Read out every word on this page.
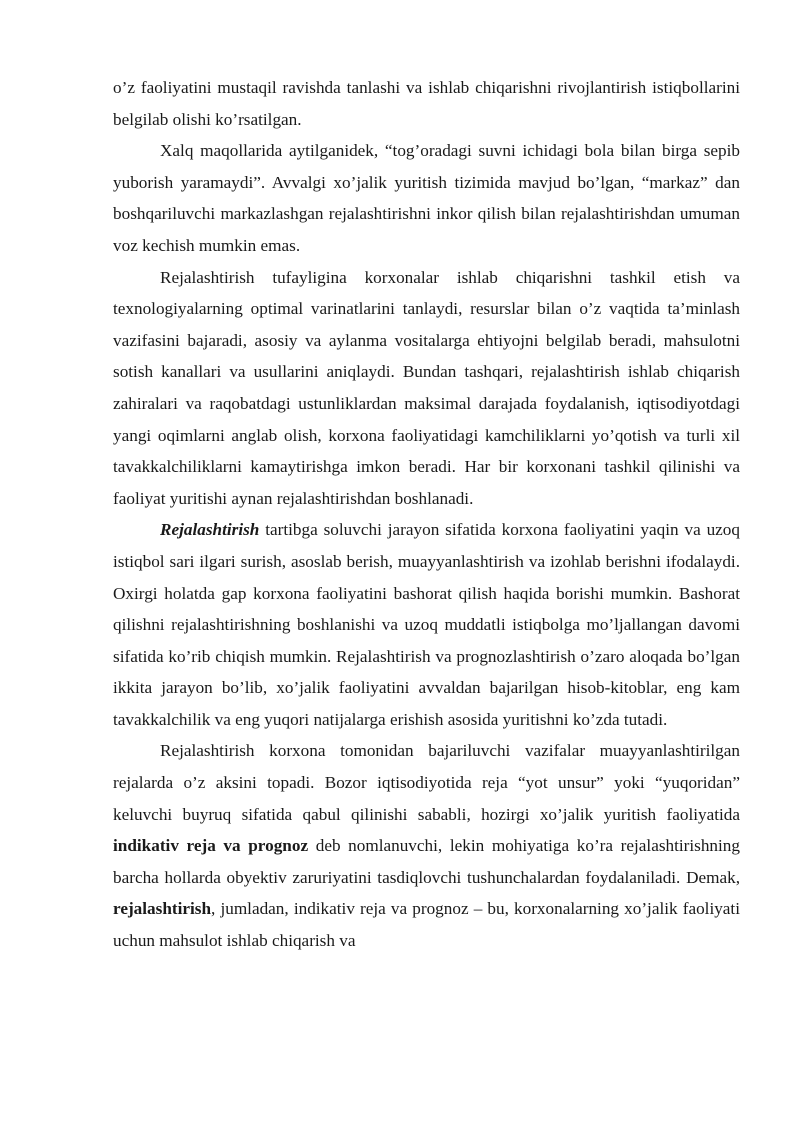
o’z faoliyatini mustaqil ravishda tanlashi va ishlab chiqarishni rivojlantirish istiqbollarini belgilab olishi ko’rsatilgan.

Xalq maqollarida aytilganidek, “tog’oradagi suvni ichidagi bola bilan birga sepib yuborish yaramaydi”. Avvalgi xo’jalik yuritish tizimida mavjud bo’lgan, “markaz” dan boshqariluvchi markazlashgan rejalashtirishni inkor qilish bilan rejalashtirishdan umuman voz kechish mumkin emas.

Rejalashtirish tufayligina korxonalar ishlab chiqarishni tashkil etish va texnologiyalarning optimal varinatlarini tanlaydi, resurslar bilan o’z vaqtida ta’minlash vazifasini bajaradi, asosiy va aylanma vositalarga ehtiyojni belgilab beradi, mahsulotni sotish kanallari va usullarini aniqlaydi. Bundan tashqari, rejalashtirish ishlab chiqarish zahiralari va raqobatdagi ustunliklardan maksimal darajada foydalanish, iqtisodiyotdagi yangi oqimlarni anglab olish, korxona faoliyatidagi kamchiliklarni yo’qotish va turli xil tavakkalchiliklarni kamaytirishga imkon beradi. Har bir korxonani tashkil qilinishi va faoliyat yuritishi aynan rejalashtirishdan boshlanadi.

Rejalashtirish tartibga soluvchi jarayon sifatida korxona faoliyatini yaqin va uzoq istiqbol sari ilgari surish, asoslab berish, muayyanlashtirish va izohlab berishni ifodalaydi. Oxirgi holatda gap korxona faoliyatini bashorat qilish haqida borishi mumkin. Bashorat qilishni rejalashtirishning boshlanishi va uzoq muddatli istiqbolga mo’ljallangan davomi sifatida ko’rib chiqish mumkin. Rejalashtirish va prognozlashtirish o’zaro aloqada bo’lgan ikkita jarayon bo’lib, xo’jalik faoliyatini avvaldan bajarilgan hisob-kitoblar, eng kam tavakkalchilik va eng yuqori natijalarga erishish asosida yuritishni ko’zda tutadi.

Rejalashtirish korxona tomonidan bajariluvchi vazifalar muayyanlashtirilgan rejalarda o’z aksini topadi. Bozor iqtisodiyotida reja “yot unsur” yoki “yuqoridan” keluvchi buyruq sifatida qabul qilinishi sababli, hozirgi xo’jalik yuritish faoliyatida indikativ reja va prognoz deb nomlanuvchi, lekin mohiyatiga ko’ra rejalashtirishning barcha hollarda obyektiv zaruriyatini tasdiqlovchi tushunchalardan foydalaniladi. Demak, rejalashtirish, jumladan, indikativ reja va prognoz – bu, korxonalarning xo’jalik faoliyati uchun mahsulot ishlab chiqarish va
